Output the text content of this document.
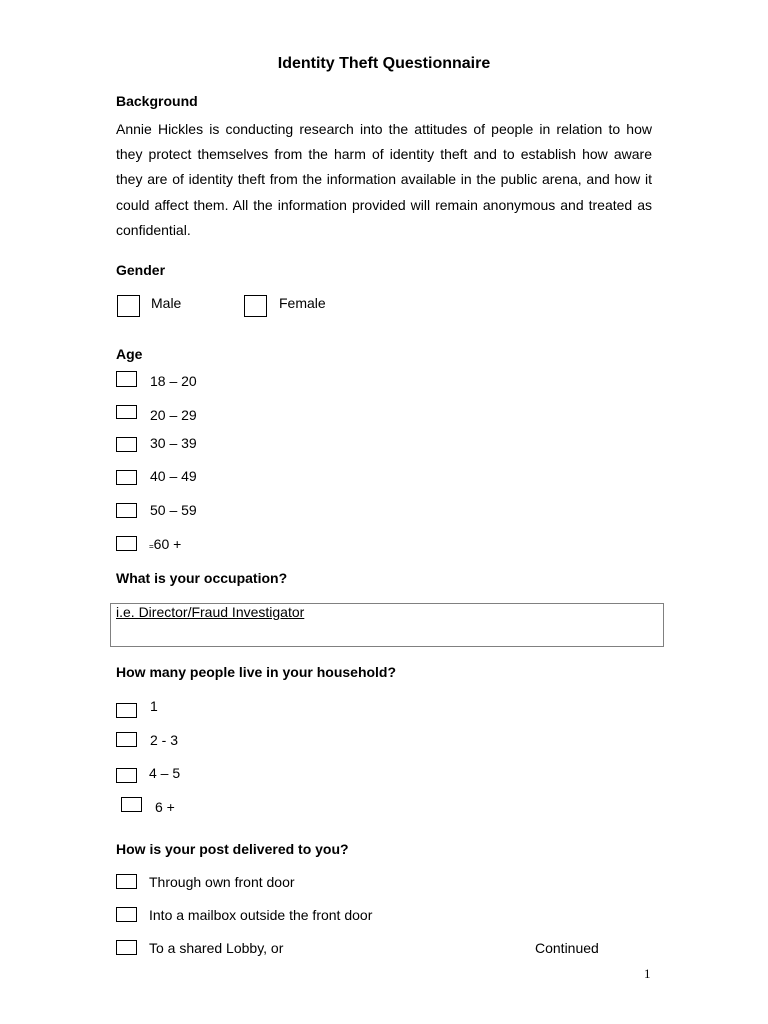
Identity Theft Questionnaire
Background
Annie Hickles is conducting research into the attitudes of people in relation to how they protect themselves from the harm of identity theft and to establish how aware they are of identity theft from the information available in the public arena, and how it could affect them. All the information provided will remain anonymous and treated as confidential.
Gender
Male	Female
Age
18 – 20
20 – 29
30 – 39
40 – 49
50 – 59
=60 +
What is your occupation?
i.e. Director/Fraud Investigator
How many people live in your household?
1
2 - 3
4 – 5
6 +
How is your post delivered to you?
Through own front door
Into a mailbox outside the front door
To a shared Lobby, or	Continued
1
